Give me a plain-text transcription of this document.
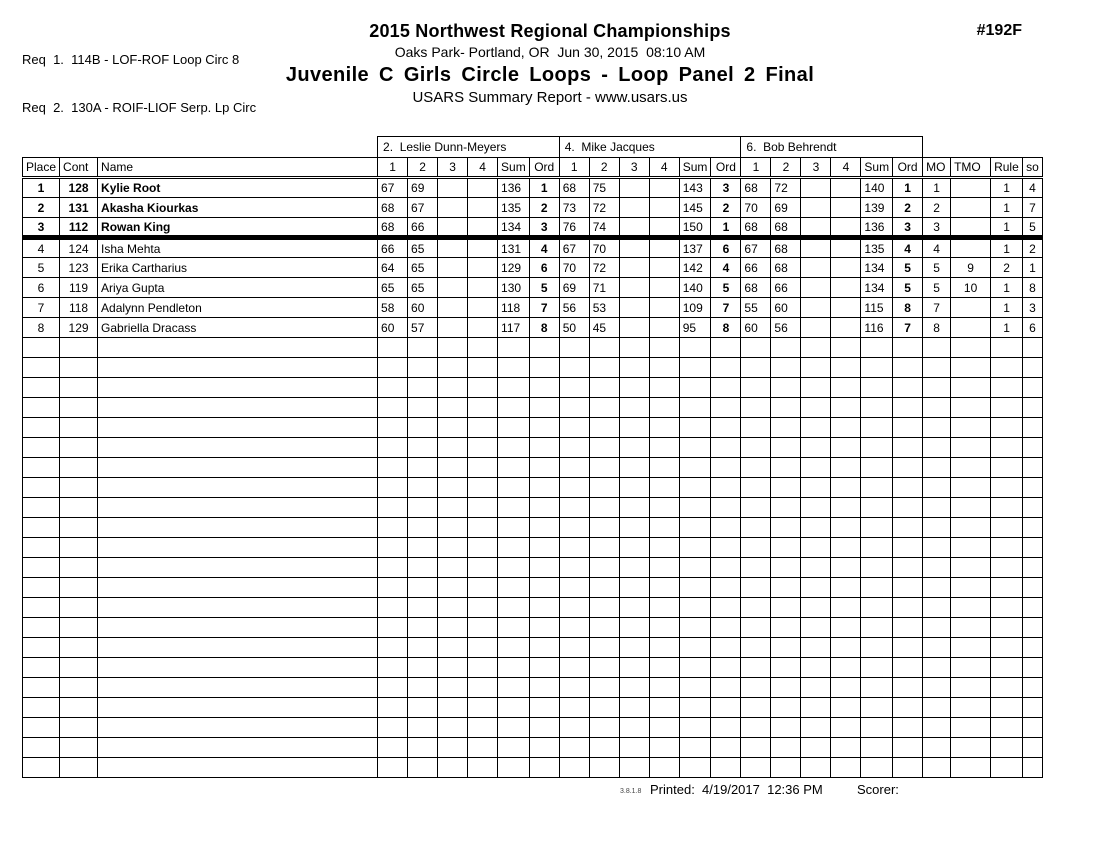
Req  1.  114B - LOF-ROF Loop Circ 8

Req  2.  130A - ROIF-LIOF Serp. Lp Circ

2015 Northwest Regional Championships
Oaks Park- Portland, OR  Jun 30, 2015  08:10 AM
Juvenile C Girls Circle Loops - Loop Panel 2 Final
USARS Summary Report - www.usars.us
#192F
			2.  Leslie Dunn-Meyers						4.  Mike Jacques						6.  Bob Behrendt									
Place	Cont	Name	1	2	3	4	Sum	Ord	1	2	3	4	Sum	Ord	1	2	3	4	Sum	Ord	MO	TMO	Rule	so
1	128	Kylie Root	67	69			136	1	68	75			143	3	68	72			140	1	1		1	4
2	131	Akasha Kiourkas	68	67			135	2	73	72			145	2	70	69			139	2	2		1	7
3	112	Rowan King	68	66			134	3	76	74			150	1	68	68			136	3	3		1	5
4	124	Isha Mehta	66	65			131	4	67	70			137	6	67	68			135	4	4		1	2
5	123	Erika Cartharius	64	65			129	6	70	72			142	4	66	68			134	5	5	9	2	1
6	119	Ariya Gupta	65	65			130	5	69	71			140	5	68	66			134	5	5	10	1	8
7	118	Adalynn Pendleton	58	60			118	7	56	53			109	7	55	60			115	8	7		1	3
8	129	Gabriella Dracass	60	57			117	8	50	45			95	8	60	56			116	7	8		1	6

3.8.1.8 Printed:  4/19/2017  12:36 PM	Scorer:
